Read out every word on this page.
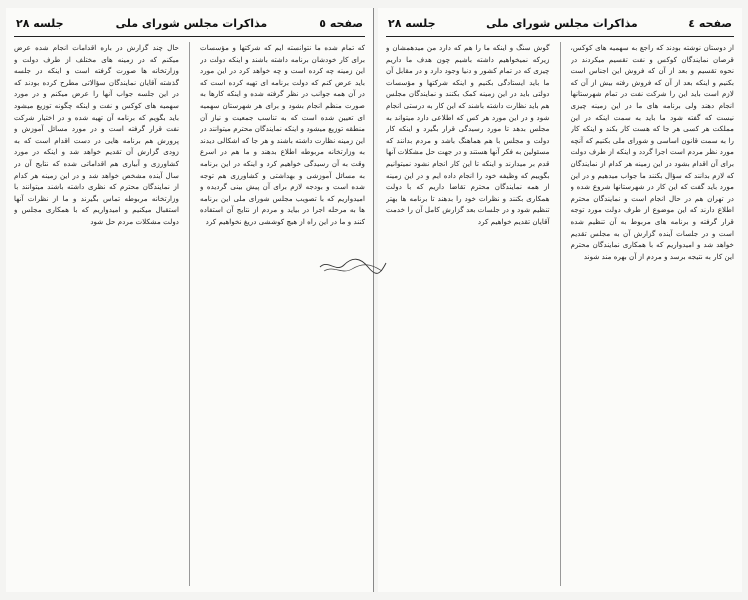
صفحه ٥
مذاکرات مجلس شورای ملی
جلسه ٢٨

که تمام شده ما نتوانسته ایم که شرکتها و مؤسسات برای کار خودشان برنامه داشته باشند و اینکه دولت در این زمینه چه کرده است و چه خواهد کرد در این مورد باید عرض کنم که دولت برنامه ای تهیه کرده است که در آن همه جوانب در نظر گرفته شده و اینکه کارها به صورت منظم انجام بشود و برای هر شهرستان سهمیه ای تعیین شده است که به تناسب جمعیت و نیاز آن منطقه توزیع میشود و اینکه نمایندگان محترم میتوانند در این زمینه نظارت داشته باشند و هر جا که اشکالی دیدند به وزارتخانه مربوطه اطلاع بدهند و ما هم در اسرع وقت به آن رسیدگی خواهیم کرد و اینکه در این برنامه به مسائل آموزشی و بهداشتی و کشاورزی هم توجه شده است و بودجه لازم برای آن پیش بینی گردیده و امیدواریم که با تصویب مجلس شورای ملی این برنامه ها به مرحله اجرا در بیاید و مردم از نتایج آن استفاده کنند و ما در این راه از هیچ کوششی دریغ نخواهیم کرد

حال چند گزارش در باره اقدامات انجام شده عرض میکنم که در زمینه های مختلف از طرف دولت و وزارتخانه ها صورت گرفته است و اینکه در جلسه گذشته آقایان نمایندگان سؤالاتی مطرح کرده بودند که در این جلسه جواب آنها را عرض میکنم و در مورد سهمیه های کوکس و نفت و اینکه چگونه توزیع میشود باید بگویم که برنامه آن تهیه شده و در اختیار شرکت نفت قرار گرفته است و در مورد مسائل آموزش و پرورش هم برنامه هایی در دست اقدام است که به زودی گزارش آن تقدیم خواهد شد و اینکه در مورد کشاورزی و آبیاری هم اقداماتی شده که نتایج آن در سال آینده مشخص خواهد شد و در این زمینه هر کدام از نمایندگان محترم که نظری داشته باشند میتوانند با وزارتخانه مربوطه تماس بگیرند و ما از نظرات آنها استقبال میکنیم و امیدواریم که با همکاری مجلس و دولت مشکلات مردم حل شود

صفحه ٤
مذاکرات مجلس شورای ملی
جلسه ٢٨

از دوستان نوشته بودند که راجع به سهمیه های کوکس، قرصان نمایندگان کوکس و نفت تقسیم میکردند در نحوه تقسیم و بعد از آن که فروش این اجناس است بکنیم و اینکه بعد از آن که فروش رفته بیش از آن که لازم است باید این را شرکت نفت در تمام شهرستانها انجام دهند ولی برنامه های ما در این زمینه چیزی نیست که گفته شود ما باید به سمت اینکه در این مملکت هر کسی هر جا که هست کار بکند و اینکه کار را به سمت قانون اساسی و شورای ملی بکنیم که آنچه مورد نظر مردم است اجرا گردد و اینکه از طرف دولت برای آن اقدام بشود در این زمینه هر کدام از نمایندگان که لازم بدانند که سؤال بکنند ما جواب میدهیم و در این مورد باید گفت که این کار در شهرستانها شروع شده و در تهران هم در حال انجام است و نمایندگان محترم اطلاع دارند که این موضوع از طرف دولت مورد توجه قرار گرفته و برنامه های مربوط به آن تنظیم شده است و در جلسات آینده گزارش آن به مجلس تقدیم خواهد شد و امیدواریم که با همکاری نمایندگان محترم این کار به نتیجه برسد و مردم از آن بهره مند شوند

گوش سنگ و اینکه ما را هم که دارد من میدهمشان و زیرکه نمیخواهیم داشته باشیم چون هدف ما داریم چیزی که در تمام کشور و دنیا وجود دارد و در مقابل آن ما باید ایستادگی بکنیم و اینکه شرکتها و مؤسسات دولتی باید در این زمینه کمک بکنند و نمایندگان مجلس هم باید نظارت داشته باشند که این کار به درستی انجام شود و در این مورد هر کس که اطلاعی دارد میتواند به مجلس بدهد تا مورد رسیدگی قرار بگیرد و اینکه کار دولت و مجلس با هم هماهنگ باشد و مردم بدانند که مسئولین به فکر آنها هستند و در جهت حل مشکلات آنها قدم بر میدارند و اینکه تا این کار انجام نشود نمیتوانیم بگوییم که وظیفه خود را انجام داده ایم و در این زمینه از همه نمایندگان محترم تقاضا داریم که با دولت همکاری بکنند و نظرات خود را بدهند تا برنامه ها بهتر تنظیم شود و در جلسات بعد گزارش کامل آن را خدمت آقایان تقدیم خواهیم کرد
